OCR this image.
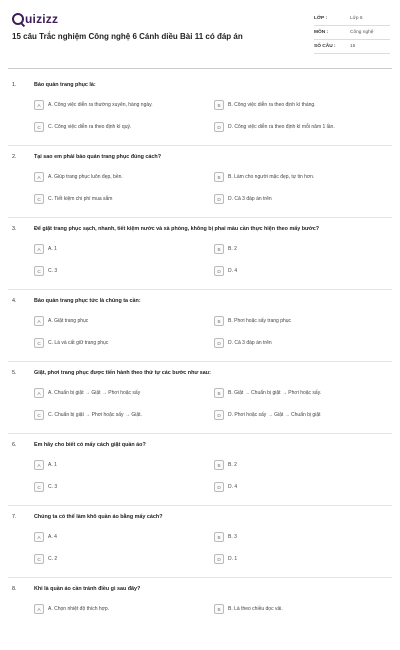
uizizz
15 câu Trắc nghiệm Công nghệ 6 Cánh diều Bài 11 có đáp án
LỚP :	Lớp 6
MÔN :	Công nghệ
SỐ CÂU :	15
1.	Bảo quản trang phục là:
A	A. Công việc diễn ra thường xuyên, hàng ngày.	B	B. Công việc diễn ra theo định kì tháng.
C	C. Công việc diễn ra theo định kì quý.	D	D. Công việc diễn ra theo định kì mỗi năm 1 lần.
2.	Tại sao em phải bảo quản trang phục đúng cách?
A	A. Giúp trang phục luôn đẹp, bền.	B	B. Làm cho người mặc đẹp, tự tin hơn.
C	C. Tiết kiệm chi phí mua sắm	D	D. Cả 3 đáp án trên
3.	Để giặt trang phục sạch, nhanh, tiết kiệm nước và xà phòng, không bị phai màu cần thực hiện theo mấy bước?
A	A. 1	B	B. 2
C	C. 3	D	D. 4
4.	Bảo quản trang phục tức là chúng ta cần:
A	A. Giặt trang phục	B	B. Phơi hoặc sấy trang phục
C	C. Là và cất giữ trang phục	D	D. Cả 3 đáp án trên
5.	Giặt, phơi trang phục được tiến hành theo thứ tự các bước như sau:
A	A. Chuẩn bị giặt → Giặt → Phơi hoặc sấy	B	B. Giặt → Chuẩn bị giặt → Phơi hoặc sấy.
C	C. Chuẩn bị giặt → Phơi hoặc sấy → Giặt.	D	D. Phơi hoặc sấy → Giặt → Chuẩn bị giặt
6.	Em hãy cho biết có mấy cách giặt quần áo?
A	A. 1	B	B. 2
C	C. 3	D	D. 4
7.	Chúng ta có thể làm khô quần áo bằng mấy cách?
A	A. 4	B	B. 3
C	C. 2	D	D. 1
8.	Khi là quần áo cần tránh điều gì sau đây?
A	A. Chọn nhiệt độ thích hợp.	B	B. Là theo chiều dọc vải.
